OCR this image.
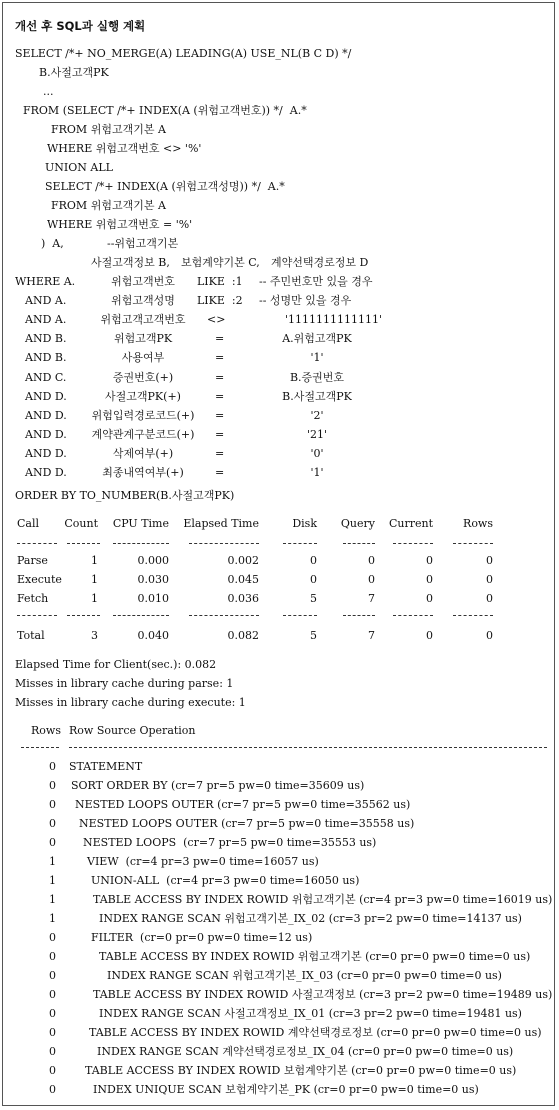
개선 후 SQL과 실행 계획
SELECT /*+ NO_MERGE(A) LEADING(A) USE_NL(B C D) */
B.사절고객PK
...
FROM (SELECT /*+ INDEX(A (위험고객번호)) */  A.*
FROM 위험고객기본 A
WHERE 위험고객번호 <> '%'
UNION ALL
SELECT /*+ INDEX(A (위험고객성명)) */  A.*
FROM 위험고객기본 A
WHERE 위험고객번호 = '%'
)  A,	--위험고객기본
사절고객정보 B, 보험계약기본 C, 계약선택경로정보 D
WHERE A.	위험고객번호	LIKE  :1 -- 주민번호만 있을 경우
AND A.	위험고객성명	LIKE  :2 -- 성명만 있을 경우
AND A.	위험고객고객번호	<>	'1111111111111'
AND B.	위험고객PK	=	A.위험고객PK
AND B.	사용여부	=	'1'
AND C.	증권번호(+)	=	B.증권번호
AND D.	사절고객PK(+)	=	B.사절고객PK
AND D.	위험입력경로코드(+)	=	'2'
AND D.	계약관계구분코드(+)	=	'21'
AND D.	삭제여부(+)	=	'0'
AND D.	최종내역여부(+)	=	'1'
ORDER BY TO_NUMBER(B.사절고객PK)
Call	Count	CPU Time	Elapsed Time	Disk	Query	Current	Rows
Parse	1	0.000	0.002	0	0	0	0
Execute	1	0.030	0.045	0	0	0	0
Fetch	1	0.010	0.036	5	7	0	0
Total	3	0.040	0.082	5	7	0	0
Elapsed Time for Client(sec.): 0.082
Misses in library cache during parse: 1
Misses in library cache during execute: 1
Rows Row Source Operation
0 STATEMENT
0 SORT ORDER BY (cr=7 pr=5 pw=0 time=35609 us)
0 NESTED LOOPS OUTER (cr=7 pr=5 pw=0 time=35562 us)
0 NESTED LOOPS OUTER (cr=7 pr=5 pw=0 time=35558 us)
0 NESTED LOOPS  (cr=7 pr=5 pw=0 time=35553 us)
1	VIEW  (cr=4 pr=3 pw=0 time=16057 us)
1	UNION-ALL  (cr=4 pr=3 pw=0 time=16050 us)
1	TABLE ACCESS BY INDEX ROWID 위험고객기본 (cr=4 pr=3 pw=0 time=16019 us)
1	INDEX RANGE SCAN 위험고객기본_IX_02 (cr=3 pr=2 pw=0 time=14137 us)
0	FILTER  (cr=0 pr=0 pw=0 time=12 us)
0	TABLE ACCESS BY INDEX ROWID 위험고객기본 (cr=0 pr=0 pw=0 time=0 us)
0	INDEX RANGE SCAN 위험고객기본_IX_03 (cr=0 pr=0 pw=0 time=0 us)
0	TABLE ACCESS BY INDEX ROWID 사절고객정보 (cr=3 pr=2 pw=0 time=19489 us)
0	INDEX RANGE SCAN 사절고객정보_IX_01 (cr=3 pr=2 pw=0 time=19481 us)
0	TABLE ACCESS BY INDEX ROWID 계약선택경로정보 (cr=0 pr=0 pw=0 time=0 us)
0	INDEX RANGE SCAN 계약선택경로정보_IX_04 (cr=0 pr=0 pw=0 time=0 us)
0	TABLE ACCESS BY INDEX ROWID 보험계약기본 (cr=0 pr=0 pw=0 time=0 us)
0	INDEX UNIQUE SCAN 보험계약기본_PK (cr=0 pr=0 pw=0 time=0 us)
